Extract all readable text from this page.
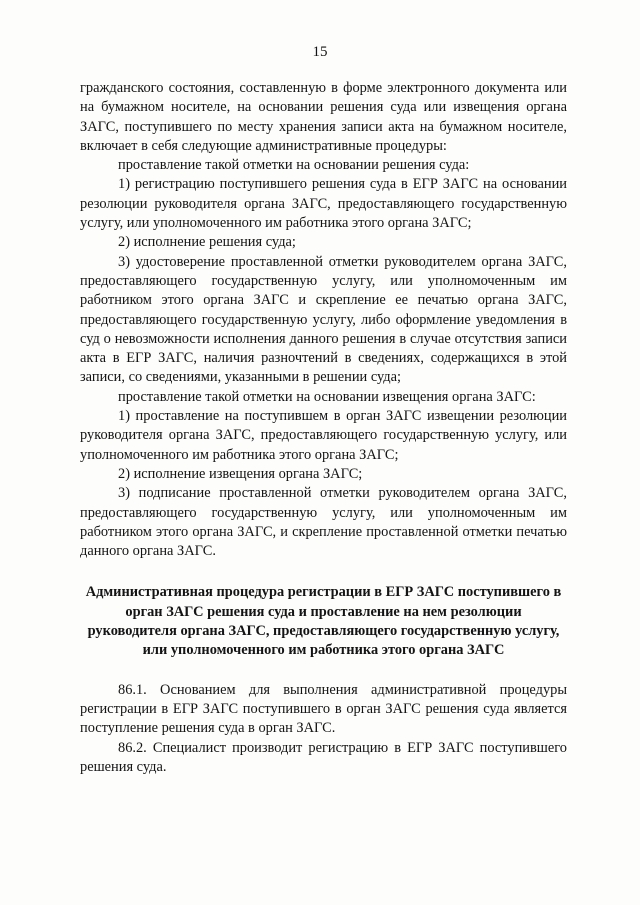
15

гражданского состояния, составленную в форме электронного документа или на бумажном носителе, на основании решения суда или извещения органа ЗАГС, поступившего по месту хранения записи акта на бумажном носителе, включает в себя следующие административные процедуры:

проставление такой отметки на основании решения суда:

1) регистрацию поступившего решения суда в ЕГР ЗАГС на основании резолюции руководителя органа ЗАГС, предоставляющего государственную услугу, или уполномоченного им работника этого органа ЗАГС;

2) исполнение решения суда;

3) удостоверение проставленной отметки руководителем органа ЗАГС, предоставляющего государственную услугу, или уполномоченным им работником этого органа ЗАГС и скрепление ее печатью органа ЗАГС, предоставляющего государственную услугу, либо оформление уведомления в суд о невозможности исполнения данного решения в случае отсутствия записи акта в ЕГР ЗАГС, наличия разночтений в сведениях, содержащихся в этой записи, со сведениями, указанными в решении суда;

проставление такой отметки на основании извещения органа ЗАГС:

1) проставление на поступившем в орган ЗАГС извещении резолюции руководителя органа ЗАГС, предоставляющего государственную услугу, или уполномоченного им работника этого органа ЗАГС;

2) исполнение извещения органа ЗАГС;

3) подписание проставленной отметки руководителем органа ЗАГС, предоставляющего государственную услугу, или уполномоченным им работником этого органа ЗАГС, и скрепление проставленной отметки печатью данного органа ЗАГС.

Административная процедура регистрации в ЕГР ЗАГС поступившего в орган ЗАГС решения суда и проставление на нем резолюции руководителя органа ЗАГС, предоставляющего государственную услугу, или уполномоченного им работника этого органа ЗАГС

86.1. Основанием для выполнения административной процедуры регистрации в ЕГР ЗАГС поступившего в орган ЗАГС решения суда является поступление решения суда в орган ЗАГС.

86.2. Специалист производит регистрацию в ЕГР ЗАГС поступившего решения суда.
